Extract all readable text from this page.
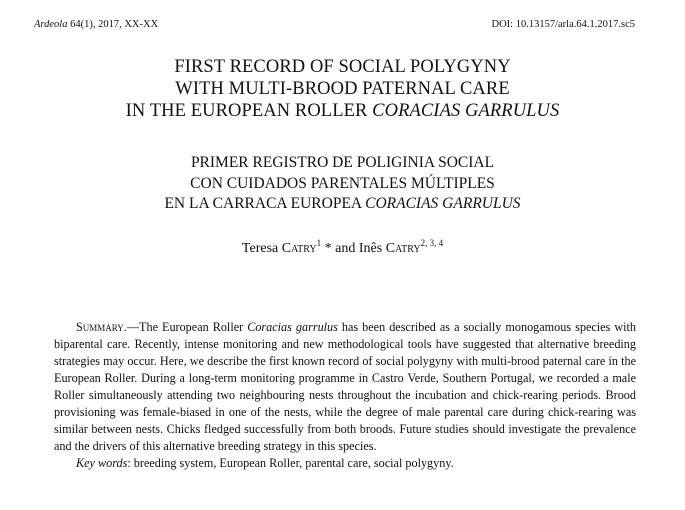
Ardeola 64(1), 2017, XX-XX	DOI: 10.13157/arla.64.1.2017.sc5
FIRST RECORD OF SOCIAL POLYGYNY
WITH MULTI-BROOD PATERNAL CARE
IN THE EUROPEAN ROLLER CORACIAS GARRULUS
PRIMER REGISTRO DE POLIGINIA SOCIAL
CON CUIDADOS PARENTALES MÚLTIPLES
EN LA CARRACA EUROPEA CORACIAS GARRULUS
Teresa Catry$^1$ * and Inês Catry$^{2, 3, 4}$

Summary.—The European Roller Coracias garrulus has been described as a socially monogamous species with biparental care. Recently, intense monitoring and new methodological tools have suggested that alternative breeding strategies may occur. Here, we describe the first known record of social polygyny with multi-brood paternal care in the European Roller. During a long-term monitoring programme in Castro Verde, Southern Portugal, we recorded a male Roller simultaneously attending two neighbouring nests throughout the incubation and chick-rearing periods. Brood provisioning was female-biased in one of the nests, while the degree of male parental care during chick-rearing was similar between nests. Chicks fledged successfully from both broods. Future studies should investigate the prevalence and the drivers of this alternative breeding strategy in this species.

Key words: breeding system, European Roller, parental care, social polygyny.
